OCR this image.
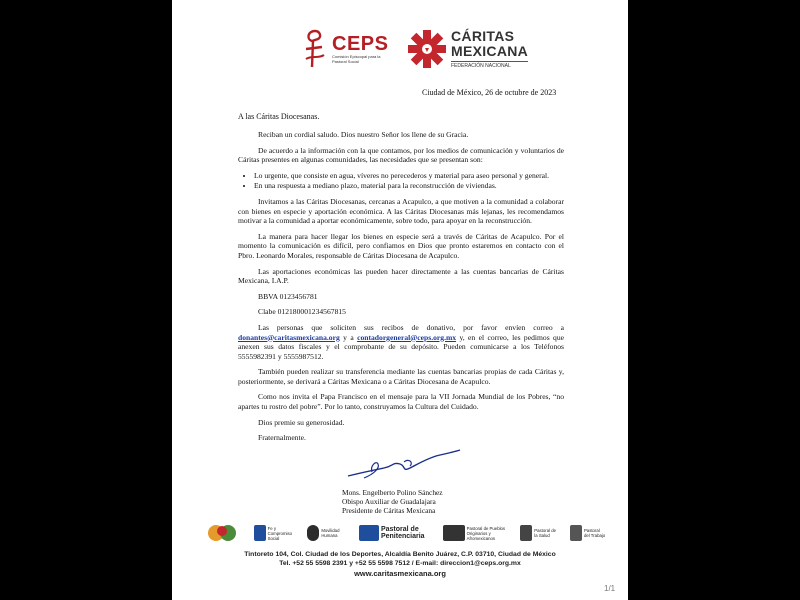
CEPS
Comisión Episcopal para la Pastoral Social
CÁRITAS
MEXICANA
FEDERACIÓN NACIONAL
Ciudad de México, 26 de octubre de 2023
A las Cáritas Diocesanas.

Reciban un cordial saludo. Dios nuestro Señor los llene de su Gracia.

De acuerdo a la información con la que contamos, por los medios de comunicación y voluntarios de Cáritas presentes en algunas comunidades, las necesidades que se presentan son:

• Lo urgente, que consiste en agua, víveres no perecederos y material para aseo personal y general.
• En una respuesta a mediano plazo, material para la reconstrucción de viviendas.

Invitamos a las Cáritas Diocesanas, cercanas a Acapulco, a que motiven a la comunidad a colaborar con bienes en especie y aportación económica. A las Cáritas Diocesanas más lejanas, les recomendamos motivar a la comunidad a aportar económicamente, sobre todo, para apoyar en la reconstrucción.

La manera para hacer llegar los bienes en especie será a través de Cáritas de Acapulco. Por el momento la comunicación es difícil, pero confiamos en Dios que pronto estaremos en contacto con el Pbro. Leonardo Morales, responsable de Cáritas Diocesana de Acapulco.

Las aportaciones económicas las pueden hacer directamente a las cuentas bancarias de Cáritas Mexicana, I.A.P.

BBVA 0123456781

Clabe 012180001234567815

Las personas que soliciten sus recibos de donativo, por favor envíen correo a donantes@caritasmexicana.org y a contadorgeneral@ceps.org.mx y, en el correo, les pedimos que anexen sus datos fiscales y el comprobante de su depósito. Pueden comunicarse a los Teléfonos 5555982391 y 5555987512.

También pueden realizar su transferencia mediante las cuentas bancarias propias de cada Cáritas y, posteriormente, se derivará a Cáritas Mexicana o a Cáritas Diocesana de Acapulco.

Como nos invita el Papa Francisco en el mensaje para la VII Jornada Mundial de los Pobres, “no apartes tu rostro del pobre”. Por lo tanto, construyamos la Cultura del Cuidado.

Dios premie su generosidad.

Fraternalmente.

Mons. Engelberto Polino Sánchez
Obispo Auxiliar de Guadalajara
Presidente de Cáritas Mexicana
Fe y Compromiso Social
Movilidad Humana
Pastoral de Penitenciaria
Pastoral de Pueblos Originarios y Afromexicanos
Pastoral de la Salud
Pastoral del Trabajo
Tintoreto 104, Col. Ciudad de los Deportes, Alcaldía Benito Juárez, C.P. 03710, Ciudad de México
Tel. +52 55 5598 2391 y +52 55 5598 7512 / E-mail: direccion1@ceps.org.mx
www.caritasmexicana.org
1/1
